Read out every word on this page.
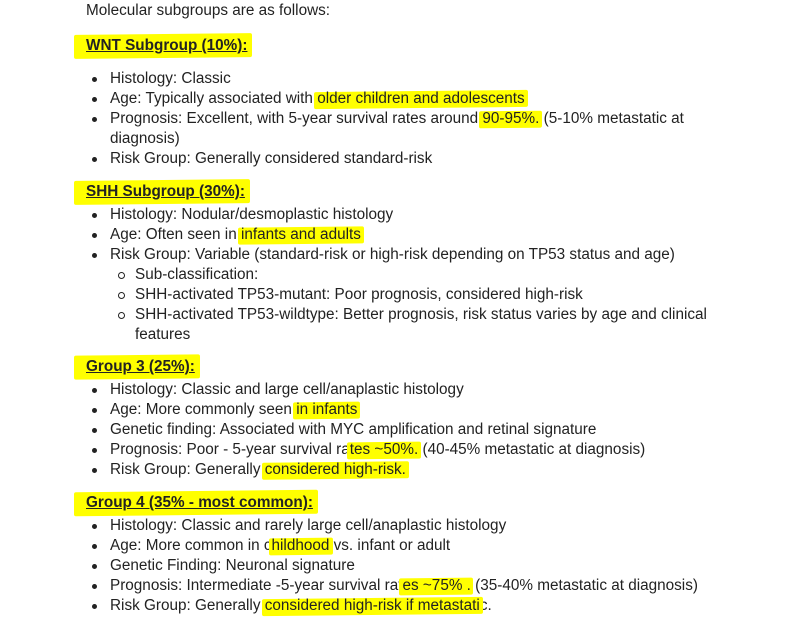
Molecular subgroups are as follows:
WNT Subgroup (10%):
Histology: Classic
Age: Typically associated with older children and adolescents
Prognosis: Excellent, with 5-year survival rates around 90-95%. (5-10% metastatic at diagnosis)
Risk Group: Generally considered standard-risk
SHH Subgroup (30%):
Histology: Nodular/desmoplastic histology
Age: Often seen in infants and adults
Risk Group: Variable (standard-risk or high-risk depending on TP53 status and age)
Sub-classification:
SHH-activated TP53-mutant: Poor prognosis, considered high-risk
SHH-activated TP53-wildtype: Better prognosis, risk status varies by age and clinical features
Group 3 (25%):
Histology: Classic and large cell/anaplastic histology
Age: More commonly seen in infants
Genetic finding: Associated with MYC amplification and retinal signature
Prognosis: Poor - 5-year survival rates ~50%. (40-45% metastatic at diagnosis)
Risk Group: Generally considered high-risk.
Group 4 (35% - most common):
Histology: Classic and rarely large cell/anaplastic histology
Age: More common in childhood vs. infant or adult
Genetic Finding: Neuronal signature
Prognosis: Intermediate -5-year survival rates ~75% . (35-40% metastatic at diagnosis)
Risk Group: Generally considered high-risk if metastatic.
